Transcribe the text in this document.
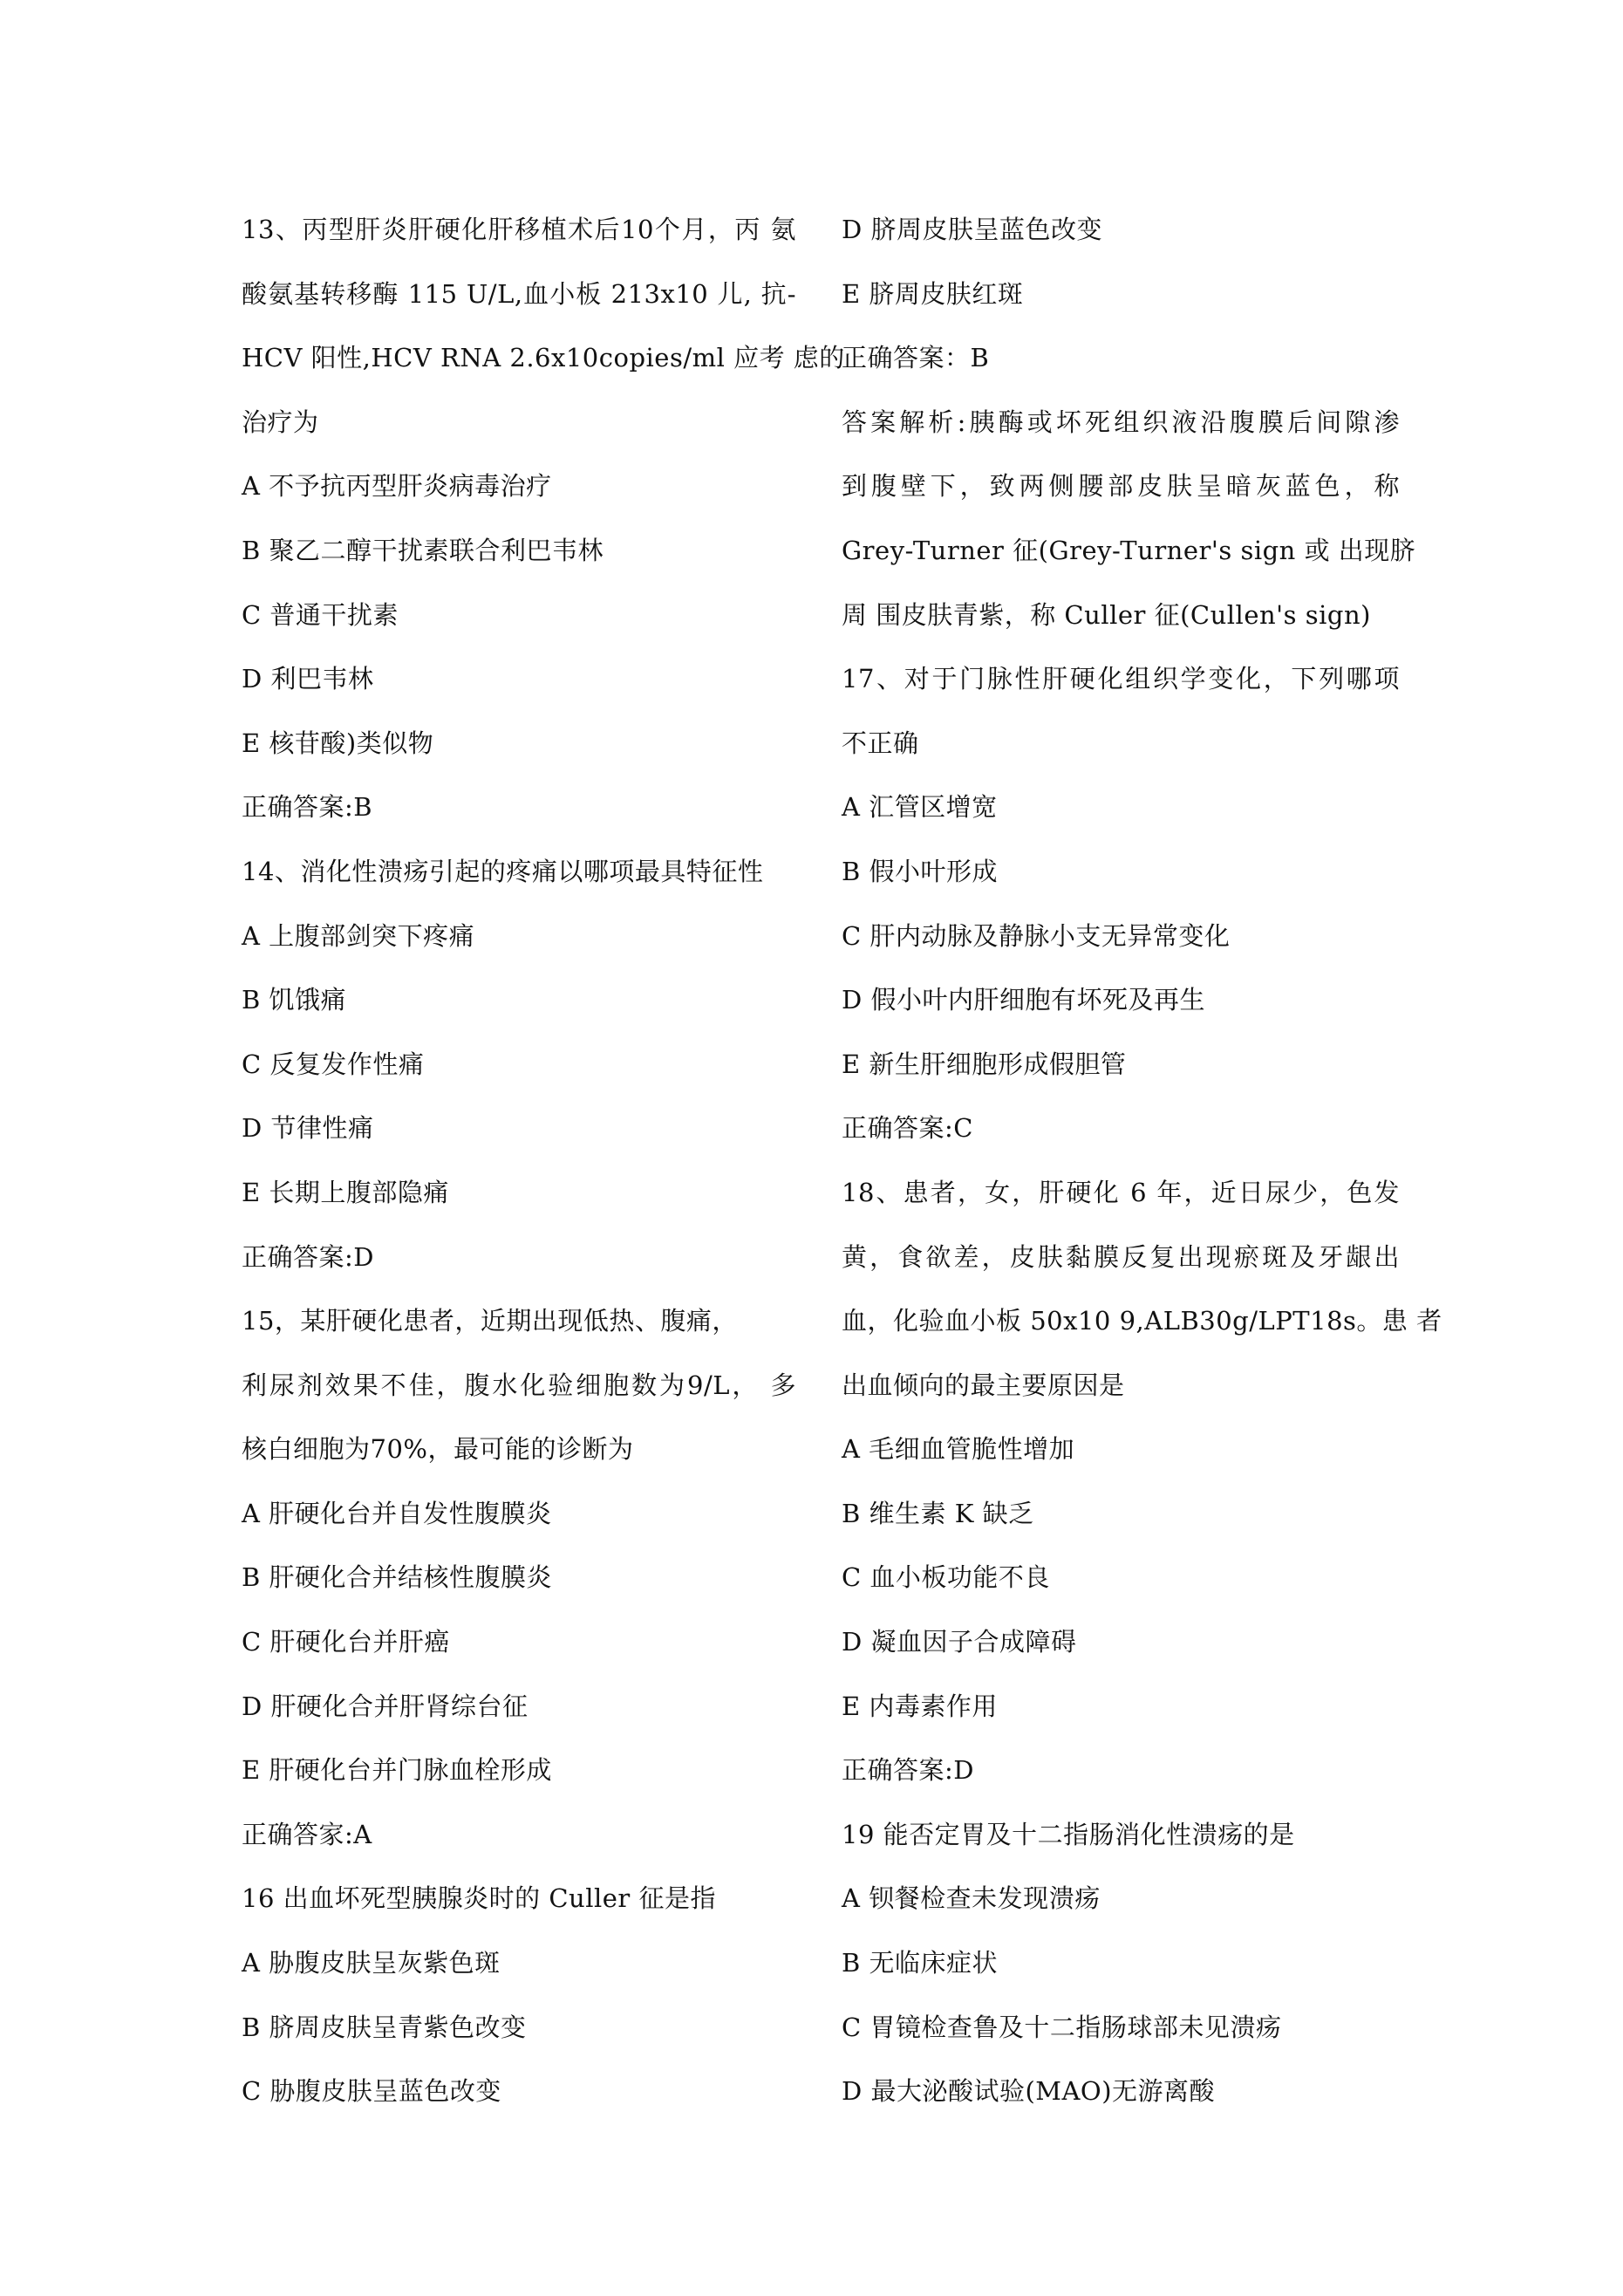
13、丙型肝炎肝硬化肝移植术后10个月，丙 氨
酸氨基转移酶 115 U/L,血小板 213x10 儿, 抗-
HCV 阳性,HCV RNA 2.6x10copies/ml 应考 虑的
治疗为
A 不予抗丙型肝炎病毒治疗
B 聚乙二醇干扰素联合利巴韦林
C 普通干扰素
D 利巴韦林
E 核苷酸)类似物
正确答案:B
14、消化性溃疡引起的疼痛以哪项最具特征性
A 上腹部剑突下疼痛
B 饥饿痛
C 反复发作性痛
D 节律性痛
E 长期上腹部隐痛
正确答案:D
15，某肝硬化患者，近期出现低热、腹痛，
利尿剂效果不佳，腹水化验细胞数为9/L， 多
核白细胞为70%，最可能的诊断为
A 肝硬化台并自发性腹膜炎
B 肝硬化合并结核性腹膜炎
C 肝硬化台并肝癌
D 肝硬化合并肝肾综台征
E 肝硬化台并门脉血栓形成
正确答家:A
16 出血坏死型胰腺炎时的 Culler 征是指
A 胁腹皮肤呈灰紫色斑
B 脐周皮肤呈青紫色改变
C 胁腹皮肤呈蓝色改变
D 脐周皮肤呈蓝色改变
E 脐周皮肤红斑
正确答案：B
答案解析:胰酶或坏死组织液沿腹膜后间隙渗
到腹壁下，致两侧腰部皮肤呈暗灰蓝色，称
Grey-Turner 征(Grey-Turner's sign 或 出现脐
周 围皮肤青紫，称 Culler 征(Cullen's sign)
17、对于门脉性肝硬化组织学变化，下列哪项
不正确
A 汇管区增宽
B 假小叶形成
C 肝内动脉及静脉小支无异常变化
D 假小叶内肝细胞有坏死及再生
E 新生肝细胞形成假胆管
正确答案:C
18、患者，女，肝硬化 6 年，近日尿少，色发
黄，食欲差，皮肤黏膜反复出现瘀斑及牙龈出
血，化验血小板 50x10 9,ALB30g/LPT18s。患 者
出血倾向的最主要原因是
A 毛细血管脆性增加
B 维生素 K 缺乏
C 血小板功能不良
D 凝血因子合成障碍
E 内毒素作用
正确答案:D
19 能否定胃及十二指肠消化性溃疡的是
A 钡餐检查未发现溃疡
B 无临床症状
C 胃镜检查鲁及十二指肠球部未见溃疡
D 最大泌酸试验(MAO)无游离酸
